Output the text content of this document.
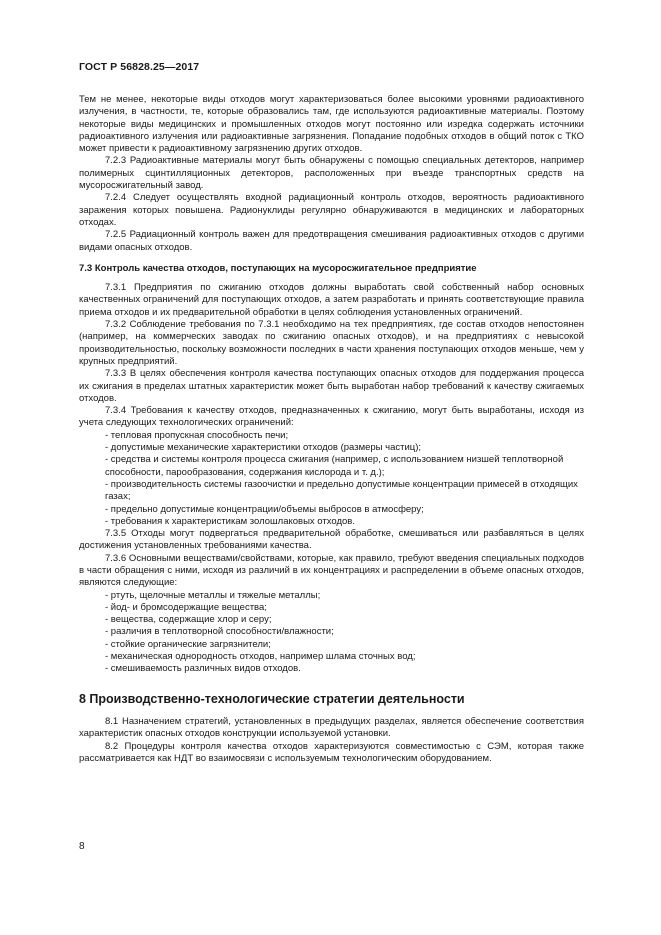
ГОСТ Р 56828.25—2017

Тем не менее, некоторые виды отходов могут характеризоваться более высокими уровнями радиоактивного излучения, в частности, те, которые образовались там, где используются радиоактивные материалы. Поэтому некоторые виды медицинских и промышленных отходов могут постоянно или изредка содержать источники радиоактивного излучения или радиоактивные загрязнения. Попадание подобных отходов в общий поток с ТКО может привести к радиоактивному загрязнению других отходов.

7.2.3 Радиоактивные материалы могут быть обнаружены с помощью специальных детекторов, например полимерных сцинтилляционных детекторов, расположенных при въезде транспортных средств на мусоросжигательный завод.

7.2.4 Следует осуществлять входной радиационный контроль отходов, вероятность радиоактивного заражения которых повышена. Радионуклиды регулярно обнаруживаются в медицинских и лабораторных отходах.

7.2.5 Радиационный контроль важен для предотвращения смешивания радиоактивных отходов с другими видами опасных отходов.

7.3 Контроль качества отходов, поступающих на мусоросжигательное предприятие

7.3.1 Предприятия по сжиганию отходов должны выработать свой собственный набор основных качественных ограничений для поступающих отходов, а затем разработать и принять соответствующие правила приема отходов и их предварительной обработки в целях соблюдения установленных ограничений.

7.3.2 Соблюдение требования по 7.3.1 необходимо на тех предприятиях, где состав отходов непостоянен (например, на коммерческих заводах по сжиганию опасных отходов), и на предприятиях с невысокой производительностью, поскольку возможности последних в части хранения поступающих отходов меньше, чем у крупных предприятий.

7.3.3 В целях обеспечения контроля качества поступающих опасных отходов для поддержания процесса их сжигания в пределах штатных характеристик может быть выработан набор требований к качеству сжигаемых отходов.

7.3.4 Требования к качеству отходов, предназначенных к сжиганию, могут быть выработаны, исходя из учета следующих технологических ограничений:

- тепловая пропускная способность печи;

- допустимые механические характеристики отходов (размеры частиц);

- средства и системы контроля процесса сжигания (например, с использованием низшей теплотворной способности, парообразования, содержания кислорода и т. д.);

- производительность системы газоочистки и предельно допустимые концентрации примесей в отходящих газах;

- предельно допустимые концентрации/объемы выбросов в атмосферу;

- требования к характеристикам золошлаковых отходов.

7.3.5 Отходы могут подвергаться предварительной обработке, смешиваться или разбавляться в целях достижения установленных требованиями качества.

7.3.6 Основными веществами/свойствами, которые, как правило, требуют введения специальных подходов в части обращения с ними, исходя из различий в их концентрациях и распределении в объеме опасных отходов, являются следующие:

- ртуть, щелочные металлы и тяжелые металлы;

- йод- и бромсодержащие вещества;

- вещества, содержащие хлор и серу;

- различия в теплотворной способности/влажности;

- стойкие органические загрязнители;

- механическая однородность отходов, например шлама сточных вод;

- смешиваемость различных видов отходов.

8 Производственно-технологические стратегии деятельности

8.1 Назначением стратегий, установленных в предыдущих разделах, является обеспечение соответствия характеристик опасных отходов конструкции используемой установки.

8.2 Процедуры контроля качества отходов характеризуются совместимостью с СЭМ, которая также рассматривается как НДТ во взаимосвязи с используемым технологическим оборудованием.

8
